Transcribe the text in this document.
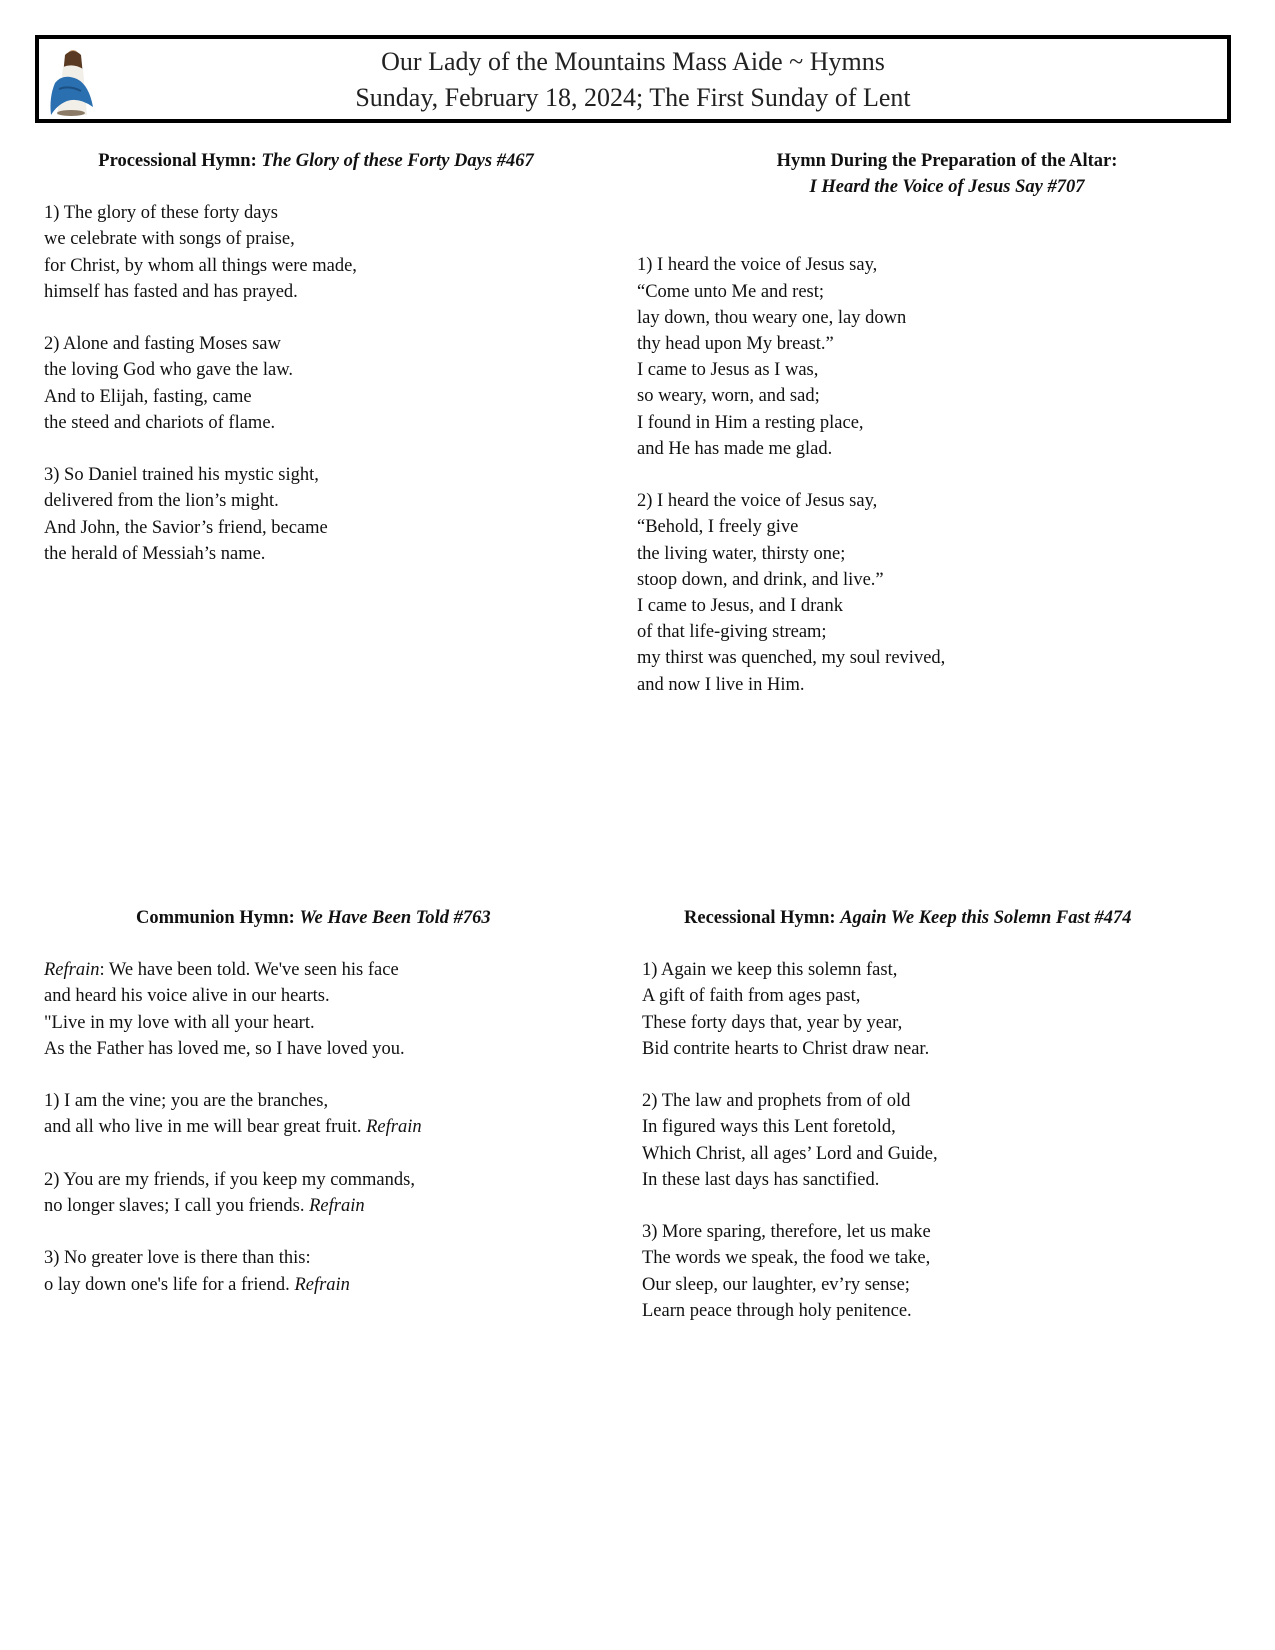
Our Lady of the Mountains Mass Aide ~ Hymns
Sunday, February 18, 2024; The First Sunday of Lent
Processional Hymn: The Glory of these Forty Days #467
1) The glory of these forty days
we celebrate with songs of praise,
for Christ, by whom all things were made,
himself has fasted and has prayed.
2) Alone and fasting Moses saw
the loving God who gave the law.
And to Elijah, fasting, came
the steed and chariots of flame.
3) So Daniel trained his mystic sight,
delivered from the lion’s might.
And John, the Savior’s friend, became
the herald of Messiah’s name.
Hymn During the Preparation of the Altar:
I Heard the Voice of Jesus Say #707
1) I heard the voice of Jesus say,
“Come unto Me and rest;
lay down, thou weary one, lay down
thy head upon My breast.”
I came to Jesus as I was,
so weary, worn, and sad;
I found in Him a resting place,
and He has made me glad.
2) I heard the voice of Jesus say,
“Behold, I freely give
the living water, thirsty one;
stoop down, and drink, and live.”
I came to Jesus, and I drank
of that life-giving stream;
my thirst was quenched, my soul revived,
and now I live in Him.
Communion Hymn: We Have Been Told #763
Refrain: We have been told. We've seen his face
and heard his voice alive in our hearts.
"Live in my love with all your heart.
As the Father has loved me, so I have loved you.
1) I am the vine; you are the branches,
and all who live in me will bear great fruit. Refrain
2) You are my friends, if you keep my commands,
no longer slaves; I call you friends. Refrain
3) No greater love is there than this:
o lay down one's life for a friend. Refrain
Recessional Hymn: Again We Keep this Solemn Fast #474
1) Again we keep this solemn fast,
A gift of faith from ages past,
These forty days that, year by year,
Bid contrite hearts to Christ draw near.
2) The law and prophets from of old
In figured ways this Lent foretold,
Which Christ, all ages’ Lord and Guide,
In these last days has sanctified.
3) More sparing, therefore, let us make
The words we speak, the food we take,
Our sleep, our laughter, ev’ry sense;
Learn peace through holy penitence.
